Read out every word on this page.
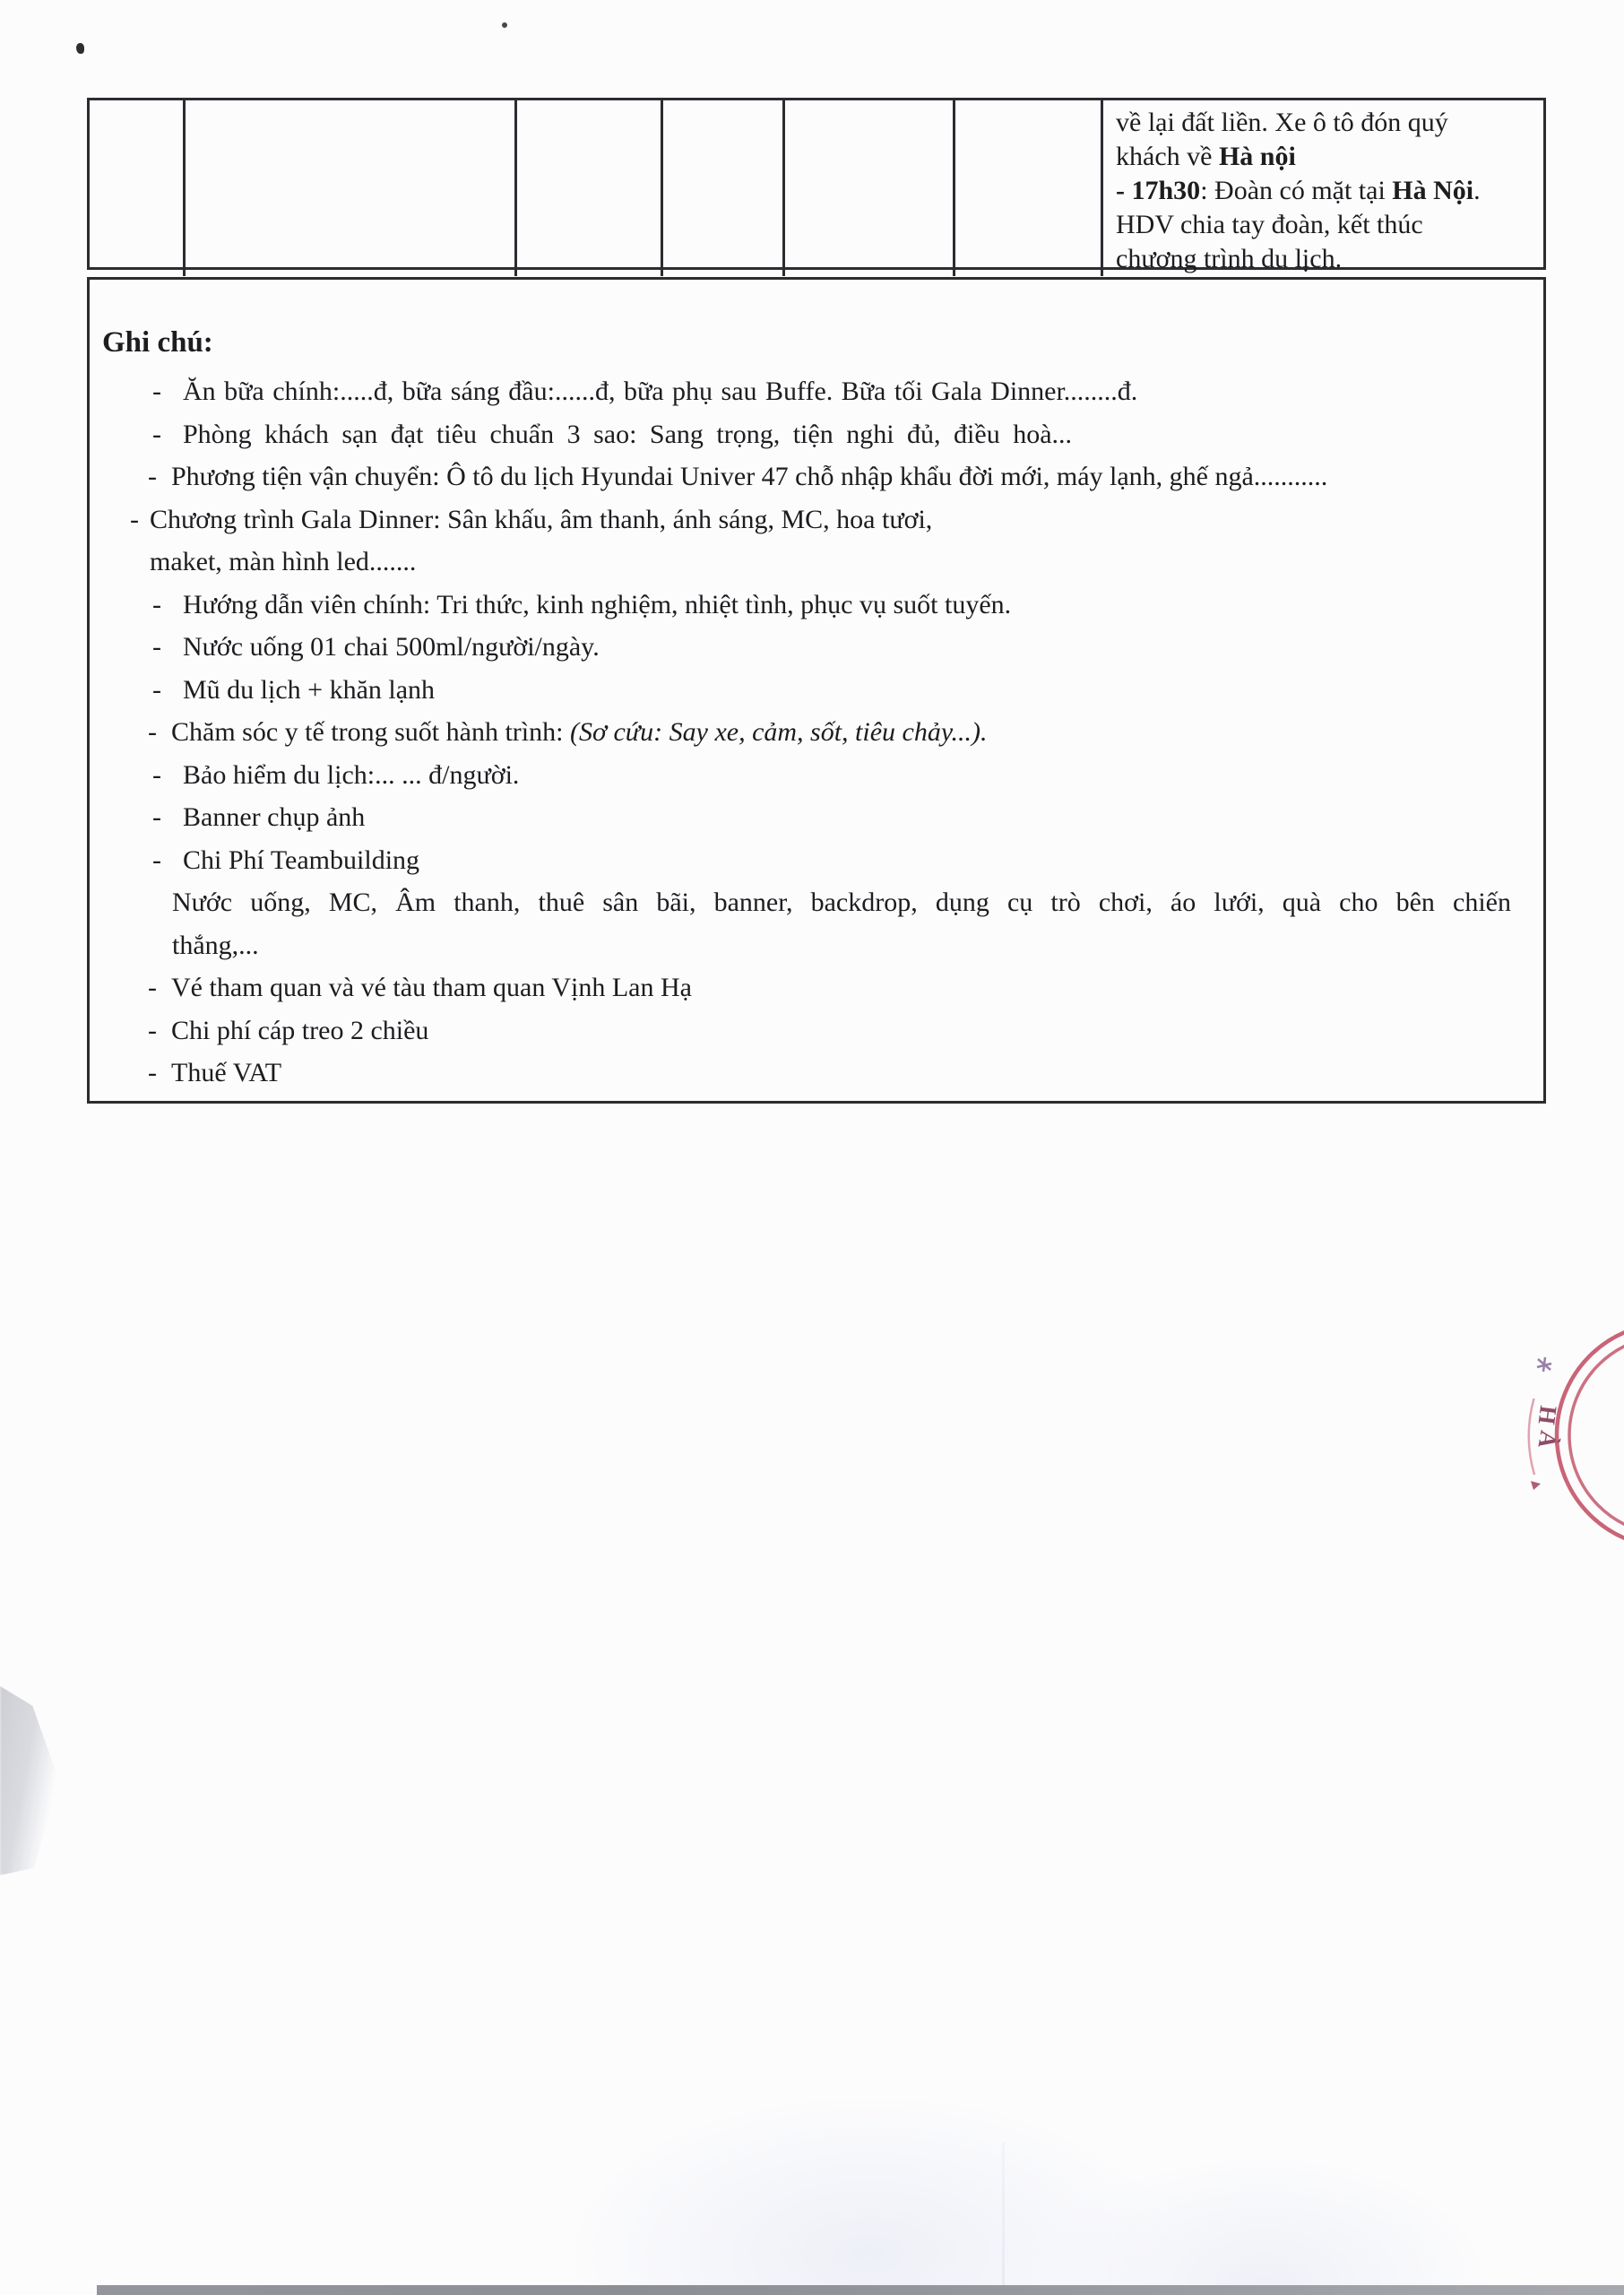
về lại đất liền. Xe ô tô đón quý
khách về Hà nội
- 17h30: Đoàn có mặt tại Hà Nội.
HDV chia tay đoàn, kết thúc
chương trình du lịch.
Ghi chú:
- Ăn bữa chính:.....đ, bữa sáng đầu:......đ, bữa phụ sau Buffe. Bữa tối Gala Dinner........đ.
- Phòng khách sạn đạt tiêu chuẩn 3 sao: Sang trọng, tiện nghi đủ, điều hoà...
- Phương tiện vận chuyển: Ô tô du lịch Hyundai Univer 47 chỗ nhập khẩu đời mới, máy lạnh, ghế ngả...........
- Chương trình Gala Dinner: Sân khấu, âm thanh, ánh sáng, MC, hoa tươi,
maket, màn hình led.......
- Hướng dẫn viên chính: Tri thức, kinh nghiệm, nhiệt tình, phục vụ suốt tuyến.
- Nước uống 01 chai 500ml/người/ngày.
- Mũ du lịch + khăn lạnh
- Chăm sóc y tế trong suốt hành trình: (Sơ cứu: Say xe, cảm, sốt, tiêu chảy...).
- Bảo hiểm du lịch:... ... đ/người.
- Banner chụp ảnh
- Chi Phí Teambuilding
Nước uống, MC, Âm thanh, thuê sân bãi, banner, backdrop, dụng cụ trò chơi, áo lưới, quà cho bên chiến
thắng,...
- Vé tham quan và vé tàu tham quan Vịnh Lan Hạ
- Chi phí cáp treo 2 chiều
- Thuế VAT
H
À
